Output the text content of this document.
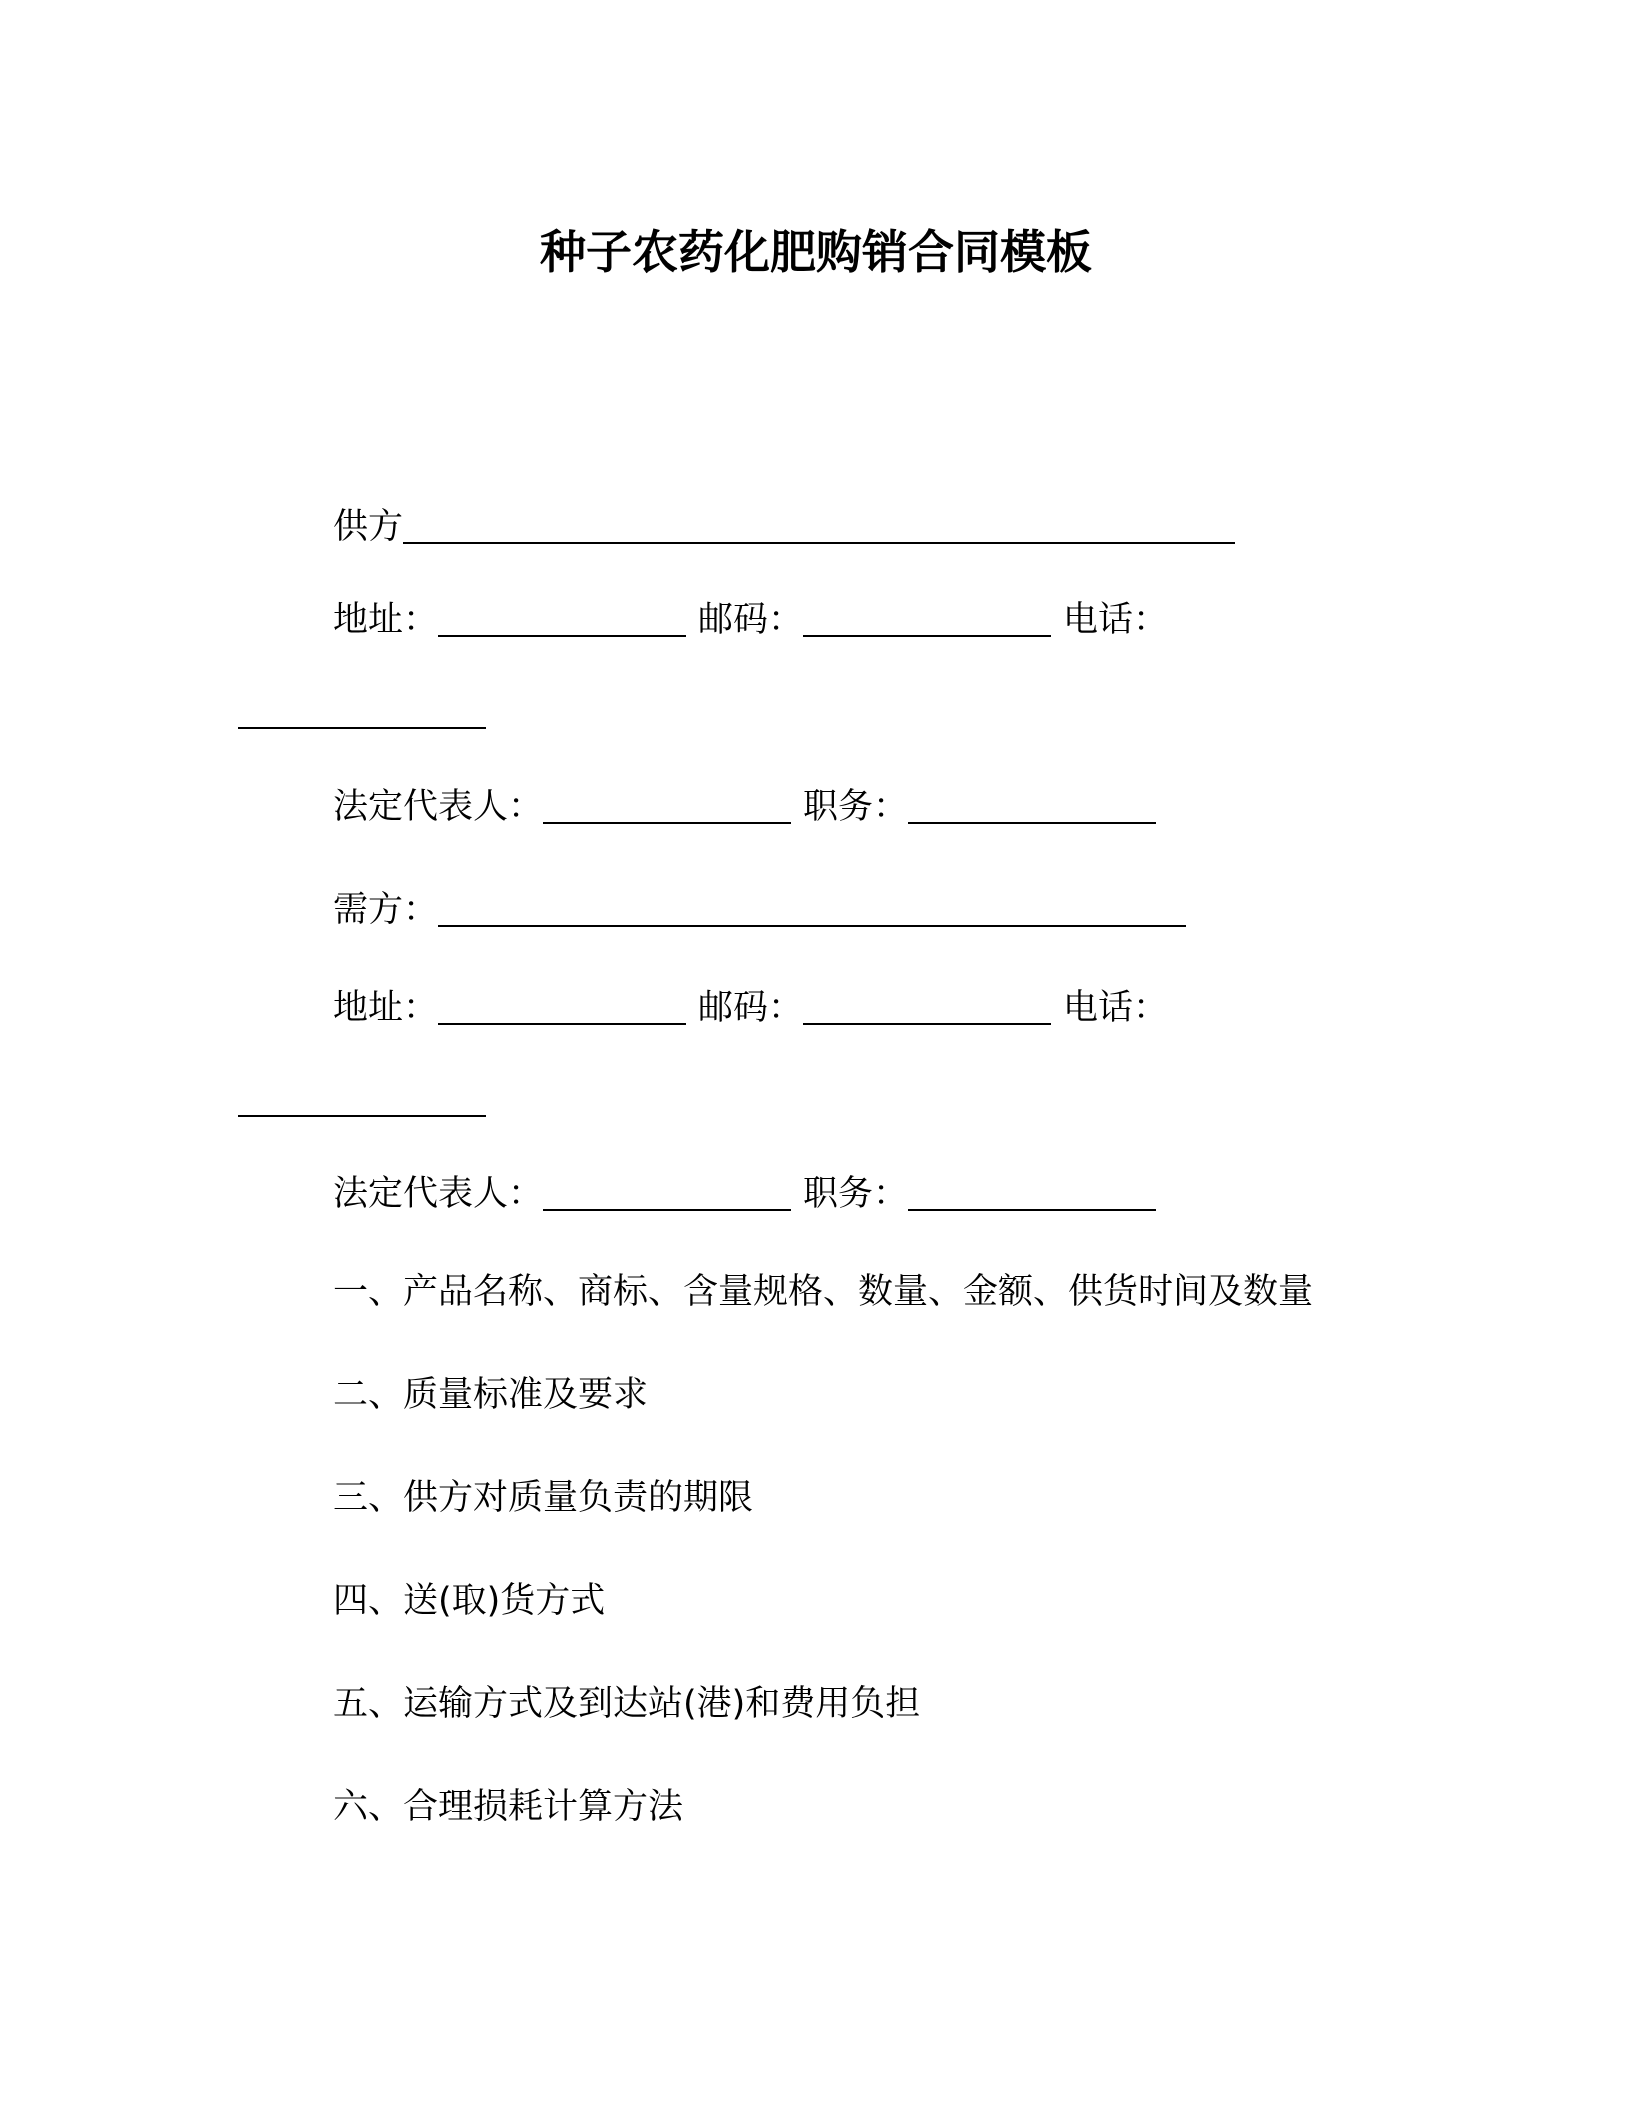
种子农药化肥购销合同模板
供方
地址：	邮码：	电话：
法定代表人：	职务：
需方：
地址：	邮码：	电话：
法定代表人：	职务：
一、产品名称、商标、含量规格、数量、金额、供货时间及数量
二、质量标准及要求
三、供方对质量负责的期限
四、送(取)货方式
五、运输方式及到达站(港)和费用负担
六、合理损耗计算方法
